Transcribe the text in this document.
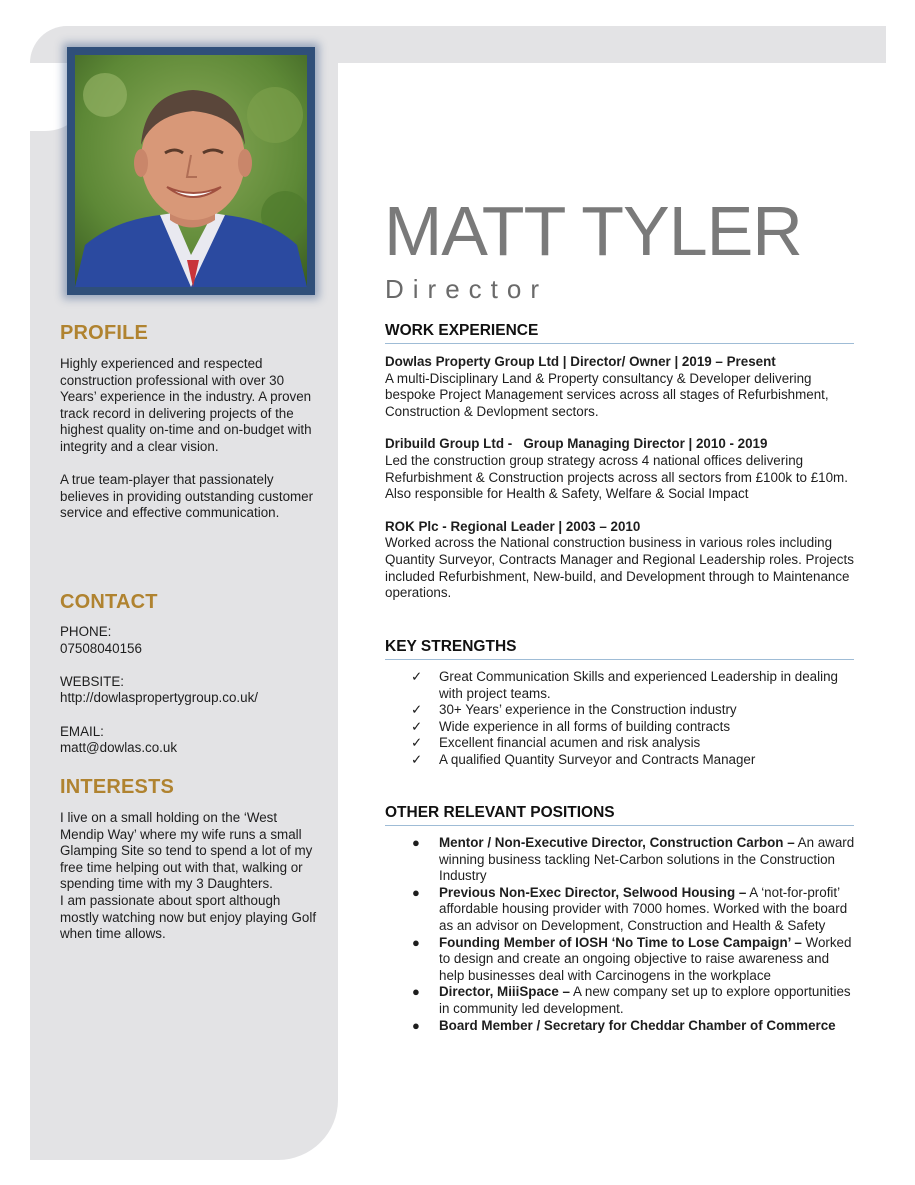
PROFILE

Highly experienced and respected construction professional with over 30 Years’ experience in the industry. A proven track record in delivering projects of the highest quality on-time and on-budget with integrity and a clear vision.

A true team-player that passionately believes in providing outstanding customer service and effective communication.

CONTACT

PHONE:

07508040156

WEBSITE:

http://dowlaspropertygroup.co.uk/

EMAIL:

matt@dowlas.co.uk

INTERESTS

I live on a small holding on the ‘West Mendip Way’ where my wife runs a small Glamping Site so tend to spend a lot of my free time helping out with that, walking or spending time with my 3 Daughters.

I am passionate about sport although mostly watching now but enjoy playing Golf when time allows.

MATT TYLER
Director
WORK EXPERIENCE
Dowlas Property Group Ltd | Director/ Owner | 2019 – Present
A multi-Disciplinary Land & Property consultancy & Developer delivering bespoke Project Management services across all stages of Refurbishment, Construction & Devlopment sectors.
Dribuild Group Ltd -   Group Managing Director | 2010 - 2019
Led the construction group strategy across 4 national offices delivering Refurbishment & Construction projects across all sectors from £100k to £10m. Also responsible for Health & Safety, Welfare & Social Impact
ROK Plc - Regional Leader | 2003 – 2010
Worked across the National construction business in various roles including Quantity Surveyor, Contracts Manager and Regional Leadership roles. Projects included Refurbishment, New-build, and Development through to Maintenance operations.
KEY STRENGTHS
✓ Great Communication Skills and experienced Leadership in dealing with project teams.
✓ 30+ Years’ experience in the Construction industry
✓ Wide experience in all forms of building contracts
✓ Excellent financial acumen and risk analysis
✓ A qualified Quantity Surveyor and Contracts Manager
OTHER RELEVANT POSITIONS
● Mentor / Non-Executive Director, Construction Carbon – An award winning business tackling Net-Carbon solutions in the Construction Industry
● Previous Non-Exec Director, Selwood Housing – A ‘not-for-profit’ affordable housing provider with 7000 homes. Worked with the board as an advisor on Development, Construction and Health & Safety
● Founding Member of IOSH ‘No Time to Lose Campaign’ – Worked to design and create an ongoing objective to raise awareness and help businesses deal with Carcinogens in the workplace
● Director, MiiiSpace – A new company set up to explore opportunities in community led development.
● Board Member / Secretary for Cheddar Chamber of Commerce
